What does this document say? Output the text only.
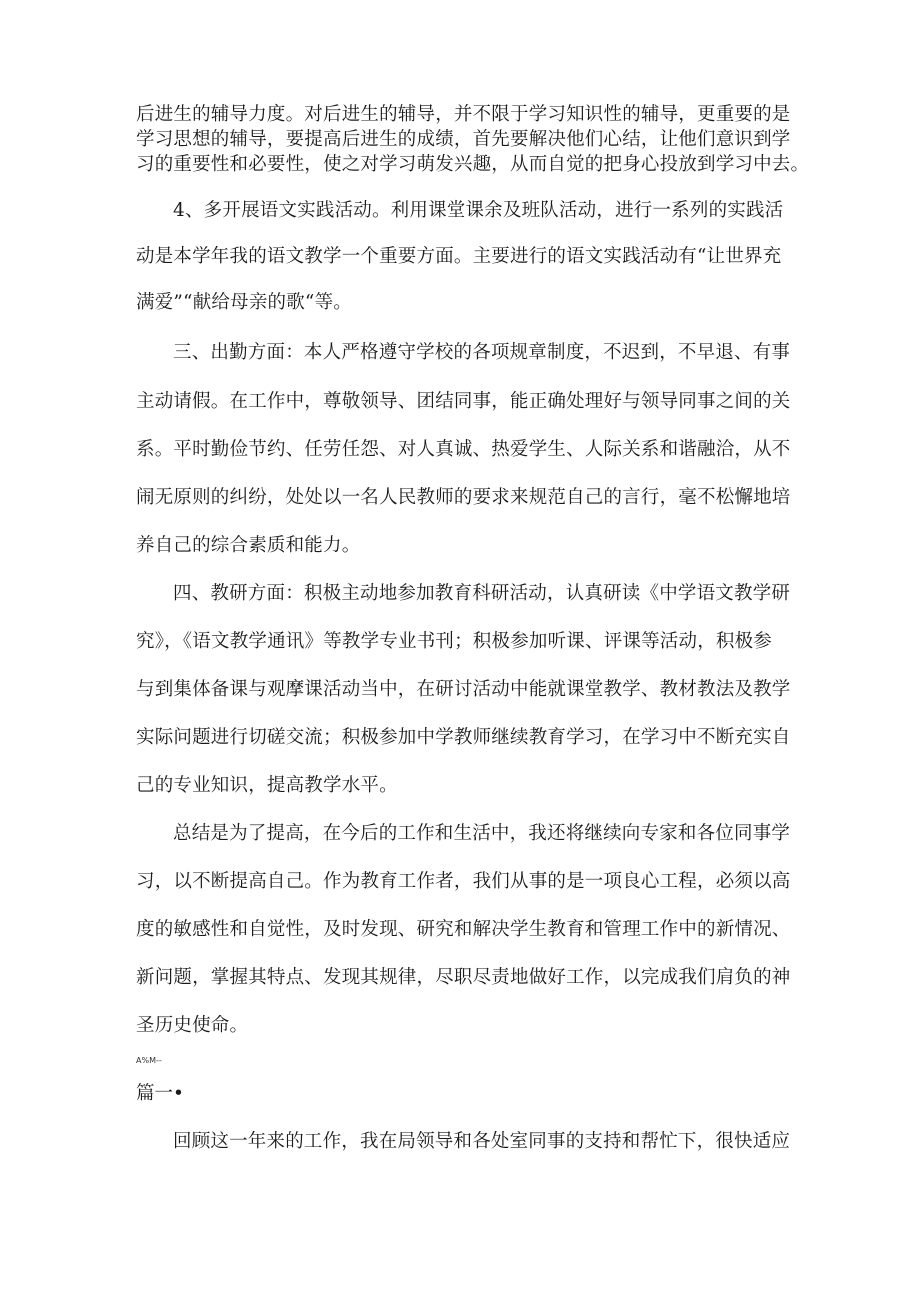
后进生的辅导力度。对后进生的辅导，并不限于学习知识性的辅导，更重要的是
学习思想的辅导，要提高后进生的成绩，首先要解决他们心结，让他们意识到学
习的重要性和必要性，使之对学习萌发兴趣，从而自觉的把身心投放到学习中去。
4、多开展语文实践活动。利用课堂课余及班队活动，进行一系列的实践活
动是本学年我的语文教学一个重要方面。主要进行的语文实践活动有“让世界充
满爱”“献给母亲的歌“等。
三、出勤方面：本人严格遵守学校的各项规章制度，不迟到，不早退、有事
主动请假。在工作中，尊敬领导、团结同事，能正确处理好与领导同事之间的关
系。平时勤俭节约、任劳任怨、对人真诚、热爱学生、人际关系和谐融洽，从不
闹无原则的纠纷，处处以一名人民教师的要求来规范自己的言行，毫不松懈地培
养自己的综合素质和能力。
四、教研方面：积极主动地参加教育科研活动，认真研读《中学语文教学研
究》，《语文教学通讯》等教学专业书刊；积极参加听课、评课等活动，积极参
与到集体备课与观摩课活动当中，在研讨活动中能就课堂教学、教材教法及教学
实际问题进行切磋交流；积极参加中学教师继续教育学习，在学习中不断充实自
己的专业知识，提高教学水平。
总结是为了提高，在今后的工作和生活中，我还将继续向专家和各位同事学
习，以不断提高自己。作为教育工作者，我们从事的是一项良心工程，必须以高
度的敏感性和自觉性，及时发现、研究和解决学生教育和管理工作中的新情况、
新问题，掌握其特点、发现其规律，尽职尽责地做好工作，以完成我们肩负的神
圣历史使命。
A%M--
篇一•
回顾这一年来的工作，我在局领导和各处室同事的支持和帮忙下，很快适应
